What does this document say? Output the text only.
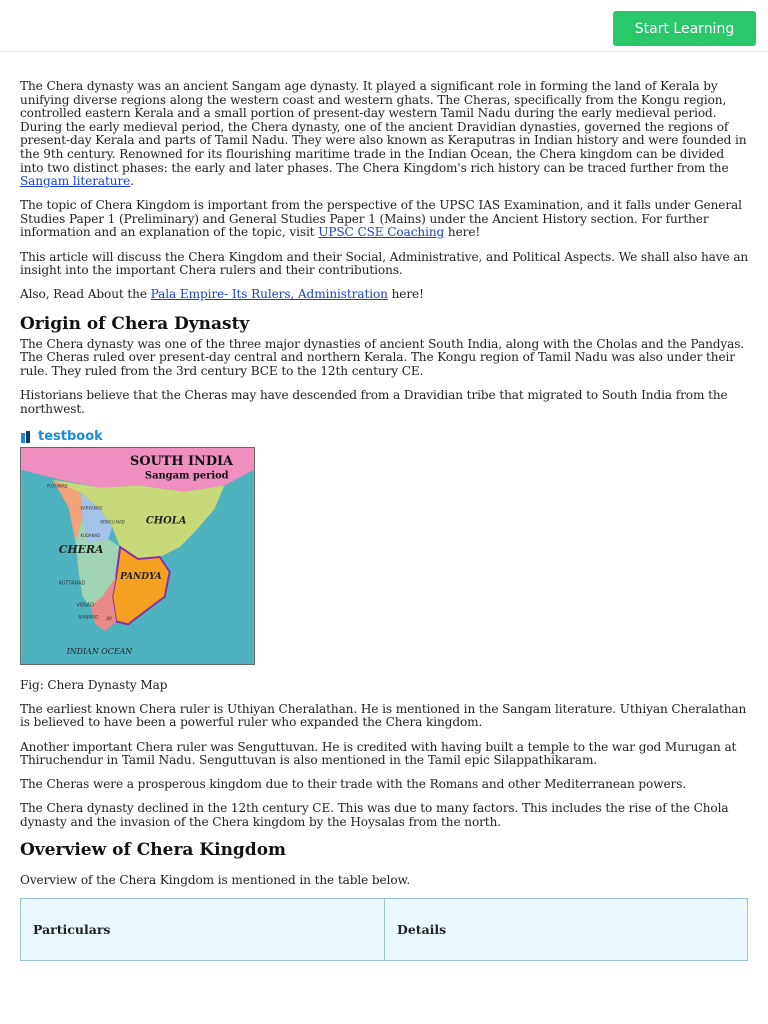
Start Learning

The Chera dynasty was an ancient Sangam age dynasty. It played a significant role in forming the land of Kerala by unifying diverse regions along the western coast and western ghats. The Cheras, specifically from the Kongu region, controlled eastern Kerala and a small portion of present-day western Tamil Nadu during the early medieval period. During the early medieval period, the Chera dynasty, one of the ancient Dravidian dynasties, governed the regions of present-day Kerala and parts of Tamil Nadu. They were also known as Keraputras in Indian history and were founded in the 9th century. Renowned for its flourishing maritime trade in the Indian Ocean, the Chera kingdom can be divided into two distinct phases: the early and later phases. The Chera Kingdom's rich history can be traced further from the Sangam literature.

The topic of Chera Kingdom is important from the perspective of the UPSC IAS Examination, and it falls under General Studies Paper 1 (Preliminary) and General Studies Paper 1 (Mains) under the Ancient History section. For further information and an explanation of the topic, visit UPSC CSE Coaching here!

This article will discuss the Chera Kingdom and their Social, Administrative, and Political Aspects. We shall also have an insight into the important Chera rulers and their contributions.

Also, Read About the Pala Empire- Its Rulers, Administration here!

Origin of Chera Dynasty

The Chera dynasty was one of the three major dynasties of ancient South India, along with the Cholas and the Pandyas. The Cheras ruled over present-day central and northern Kerala. The Kongu region of Tamil Nadu was also under their rule. They ruled from the 3rd century BCE to the 12th century CE.

Historians believe that the Cheras may have descended from a Dravidian tribe that migrated to South India from the northwest.

testbook
SOUTH INDIA
Sangam period
CHOLA
CHERA
PANDYA
INDIAN OCEAN
PUZHINAD
KARKANAD
KONGU NAD
KUDANAD
KUTTANAD
VENAD
NANJINAD AY

Fig: Chera Dynasty Map

The earliest known Chera ruler is Uthiyan Cheralathan. He is mentioned in the Sangam literature. Uthiyan Cheralathan is believed to have been a powerful ruler who expanded the Chera kingdom.

Another important Chera ruler was Senguttuvan. He is credited with having built a temple to the war god Murugan at Thiruchendur in Tamil Nadu. Senguttuvan is also mentioned in the Tamil epic Silappathikaram.

The Cheras were a prosperous kingdom due to their trade with the Romans and other Mediterranean powers.

The Chera dynasty declined in the 12th century CE. This was due to many factors. This includes the rise of the Chola dynasty and the invasion of the Chera kingdom by the Hoysalas from the north.

Overview of Chera Kingdom

Overview of the Chera Kingdom is mentioned in the table below.

Particulars	Details
